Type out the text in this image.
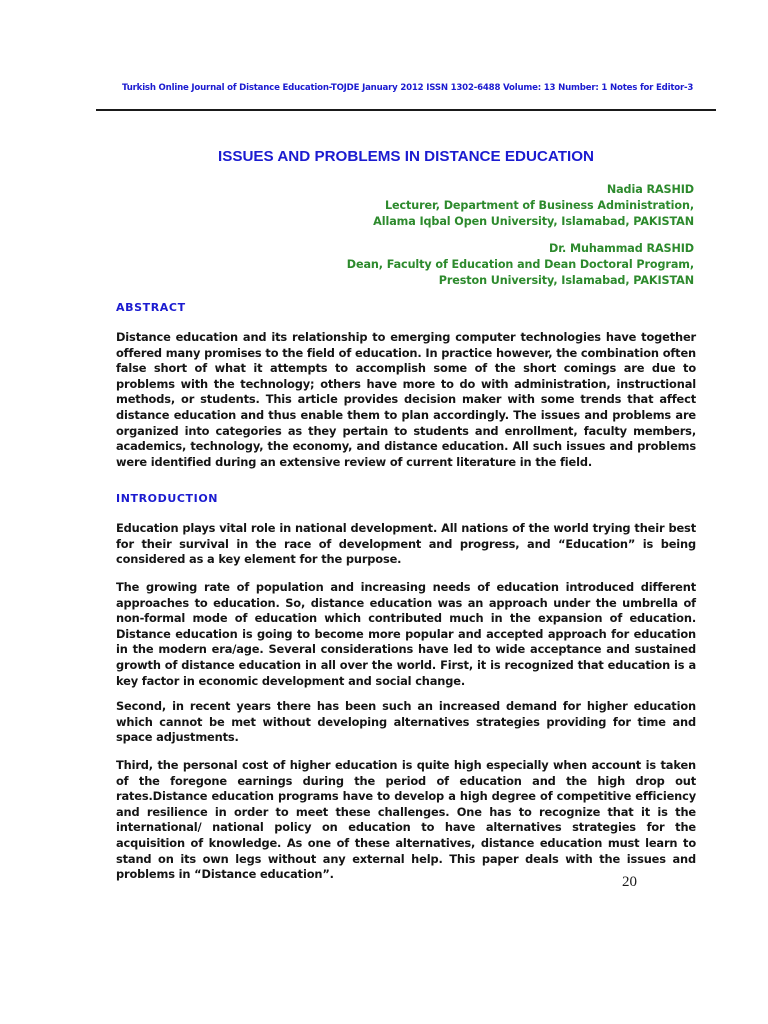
Turkish Online Journal of Distance Education-TOJDE January 2012 ISSN 1302-6488 Volume: 13 Number: 1 Notes for Editor-3
ISSUES AND PROBLEMS IN DISTANCE EDUCATION
Nadia RASHID
Lecturer, Department of Business Administration,
Allama Iqbal Open University, Islamabad, PAKISTAN
Dr. Muhammad RASHID
Dean, Faculty of Education and Dean Doctoral Program,
Preston University, Islamabad, PAKISTAN
ABSTRACT

Distance education and its relationship to emerging computer technologies have together offered many promises to the field of education. In practice however, the combination often false short of what it attempts to accomplish some of the short comings are due to problems with the technology; others have more to do with administration, instructional methods, or students. This article provides decision maker with some trends that affect distance education and thus enable them to plan accordingly. The issues and problems are organized into categories as they pertain to students and enrollment, faculty members, academics, technology, the economy, and distance education. All such issues and problems were identified during an extensive review of current literature in the field.

INTRODUCTION

Education plays vital role in national development. All nations of the world trying their best for their survival in the race of development and progress, and “Education” is being considered as a key element for the purpose.

The growing rate of population and increasing needs of education introduced different approaches to education. So, distance education was an approach under the umbrella of non-formal mode of education which contributed much in the expansion of education. Distance education is going to become more popular and accepted approach for education in the modern era/age. Several considerations have led to wide acceptance and sustained growth of distance education in all over the world. First, it is recognized that education is a key factor in economic development and social change.

Second, in recent years there has been such an increased demand for higher education which cannot be met without developing alternatives strategies providing for time and space adjustments.

Third, the personal cost of higher education is quite high especially when account is taken of the foregone earnings during the period of education and the high drop out rates.Distance education programs have to develop a high degree of competitive efficiency and resilience in order to meet these challenges. One has to recognize that it is the international/ national policy on education to have alternatives strategies for the acquisition of knowledge. As one of these alternatives, distance education must learn to stand on its own legs without any external help. This paper deals with the issues and problems in “Distance education”.	20
